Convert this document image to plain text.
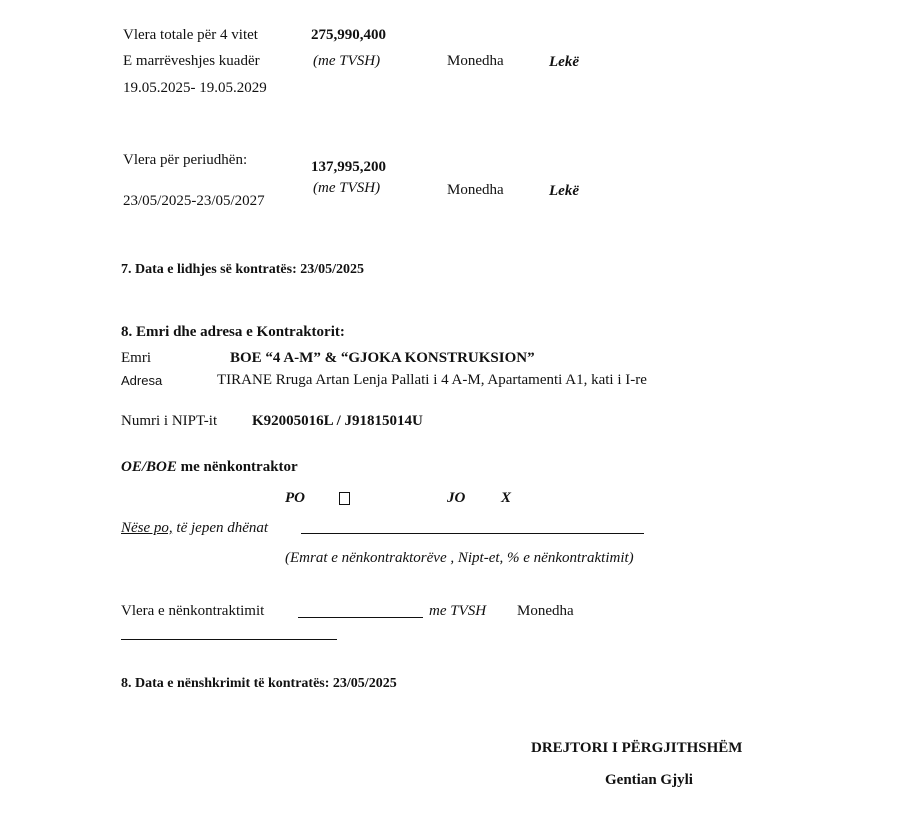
Vlera totale për 4 vitet	275,990,400
E marrëveshjes kuadër	(me TVSH)	Monedha	Lekë
19.05.2025- 19.05.2029
Vlera për periudhën:	137,995,200
(me TVSH)	Monedha	Lekë
23/05/2025-23/05/2027
7. Data e lidhjes së kontratës: 23/05/2025
8. Emri dhe adresa e Kontraktorit:
Emri	BOE “4 A-M” & “GJOKA KONSTRUKSION”
Adresa	TIRANE Rruga Artan Lenja Pallati i 4 A-M, Apartamenti A1, kati i I-re
Numri i NIPT-it K92005016L / J91815014U
OE/BOE me nënkontraktor
PO	JO X
Nëse po, të jepen dhënat
(Emrat e nënkontraktorëve , Nipt-et, % e nënkontraktimit)
Vlera e nënkontraktimit	me TVSH Monedha
8. Data e nënshkrimit të kontratës: 23/05/2025
DREJTORI I PËRGJITHSHËM
Gentian Gjyli
